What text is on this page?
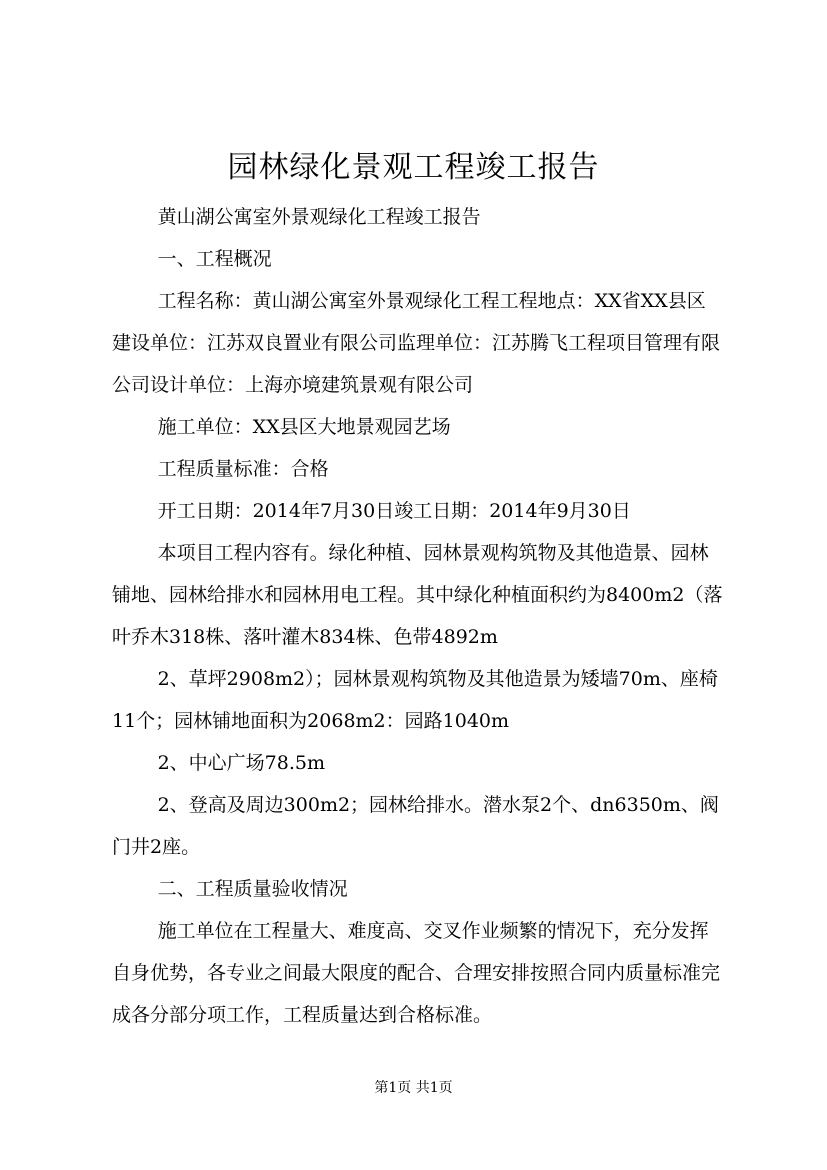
园林绿化景观工程竣工报告

黄山湖公寓室外景观绿化工程竣工报告

一、工程概况

工程名称：黄山湖公寓室外景观绿化工程工程地点：XX省XX县区建设单位：江苏双良置业有限公司监理单位：江苏腾飞工程项目管理有限公司设计单位：上海亦境建筑景观有限公司

施工单位：XX县区大地景观园艺场

工程质量标准：合格

开工日期：2014年7月30日竣工日期：2014年9月30日

本项目工程内容有。绿化种植、园林景观构筑物及其他造景、园林铺地、园林给排水和园林用电工程。其中绿化种植面积约为8400m2（落叶乔木318株、落叶灌木834株、色带4892m

2、草坪2908m2）；园林景观构筑物及其他造景为矮墙70m、座椅11个；园林铺地面积为2068m2：园路1040m

2、中心广场78.5m

2、登高及周边300m2；园林给排水。潜水泵2个、dn6350m、阀门井2座。

二、工程质量验收情况

施工单位在工程量大、难度高、交叉作业频繁的情况下，充分发挥自身优势，各专业之间最大限度的配合、合理安排按照合同内质量标准完成各分部分项工作，工程质量达到合格标准。

第1页 共1页
